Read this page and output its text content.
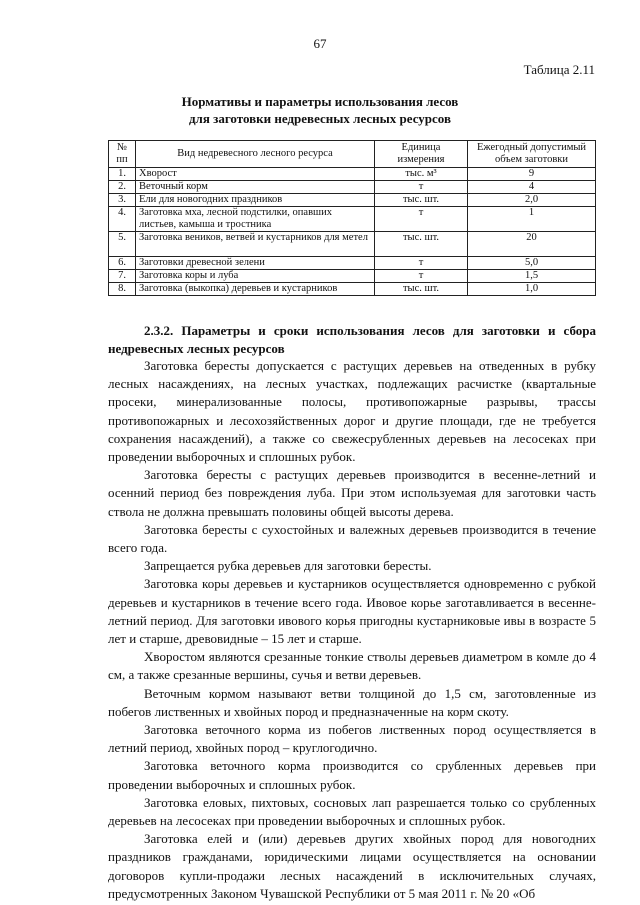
67
Таблица 2.11
Нормативы и параметры использования лесов
для заготовки недревесных лесных ресурсов
№ пп	Вид недревесного лесного ресурса	Единица измерения	Ежегодный допустимый объем заготовки
1.	Хворост	тыс. м³	9
2.	Веточный корм	т	4
3.	Ели для новогодних праздников	тыс. шт.	2,0
4.	Заготовка мха, лесной подстилки, опавших листьев, камыша и тростника	т	1
5.	Заготовка веников, ветвей и кустарников для метел	тыс. шт.	20
6.	Заготовки древесной зелени	т	5,0
7.	Заготовка коры и луба	т	1,5
8.	Заготовка (выкопка) деревьев и кустарников	тыс. шт.	1,0
2.3.2. Параметры и сроки использования лесов для заготовки и сбора недревесных лесных ресурсов

Заготовка бересты допускается с растущих деревьев на отведенных в рубку лесных насаждениях, на лесных участках, подлежащих расчистке (квартальные просеки, минерализованные полосы, противопожарные разрывы, трассы противопожарных и лесохозяйственных дорог и другие площади, где не требуется сохранения насаждений), а также со свежесрубленных деревьев на лесосеках при проведении выборочных и сплошных рубок.

Заготовка бересты с растущих деревьев производится в весенне-летний и осенний период без повреждения луба. При этом используемая для заготовки часть ствола не должна превышать половины общей высоты дерева.

Заготовка бересты с сухостойных и валежных деревьев производится в течение всего года.

Запрещается рубка деревьев для заготовки бересты.

Заготовка коры деревьев и кустарников осуществляется одновременно с рубкой деревьев и кустарников в течение всего года. Ивовое корье заготавливается в весенне-летний период. Для заготовки ивового корья пригодны кустарниковые ивы в возрасте 5 лет и старше, древовидные – 15 лет и старше.

Хворостом являются срезанные тонкие стволы деревьев диаметром в комле до 4 см, а также срезанные вершины, сучья и ветви деревьев.

Веточным кормом называют ветви толщиной до 1,5 см, заготовленные из побегов лиственных и хвойных пород и предназначенные на корм скоту.

Заготовка веточного корма из побегов лиственных пород осуществляется в летний период, хвойных пород – круглогодично.

Заготовка веточного корма производится со срубленных деревьев при проведении выборочных и сплошных рубок.

Заготовка еловых, пихтовых, сосновых лап разрешается только со срубленных деревьев на лесосеках при проведении выборочных и сплошных рубок.

Заготовка елей и (или) деревьев других хвойных пород для новогодних праздников гражданами, юридическими лицами осуществляется на основании договоров купли-продажи лесных насаждений в исключительных случаях, предусмотренных Законом Чувашской Республики от 5 мая 2011 г. № 20 «Об
